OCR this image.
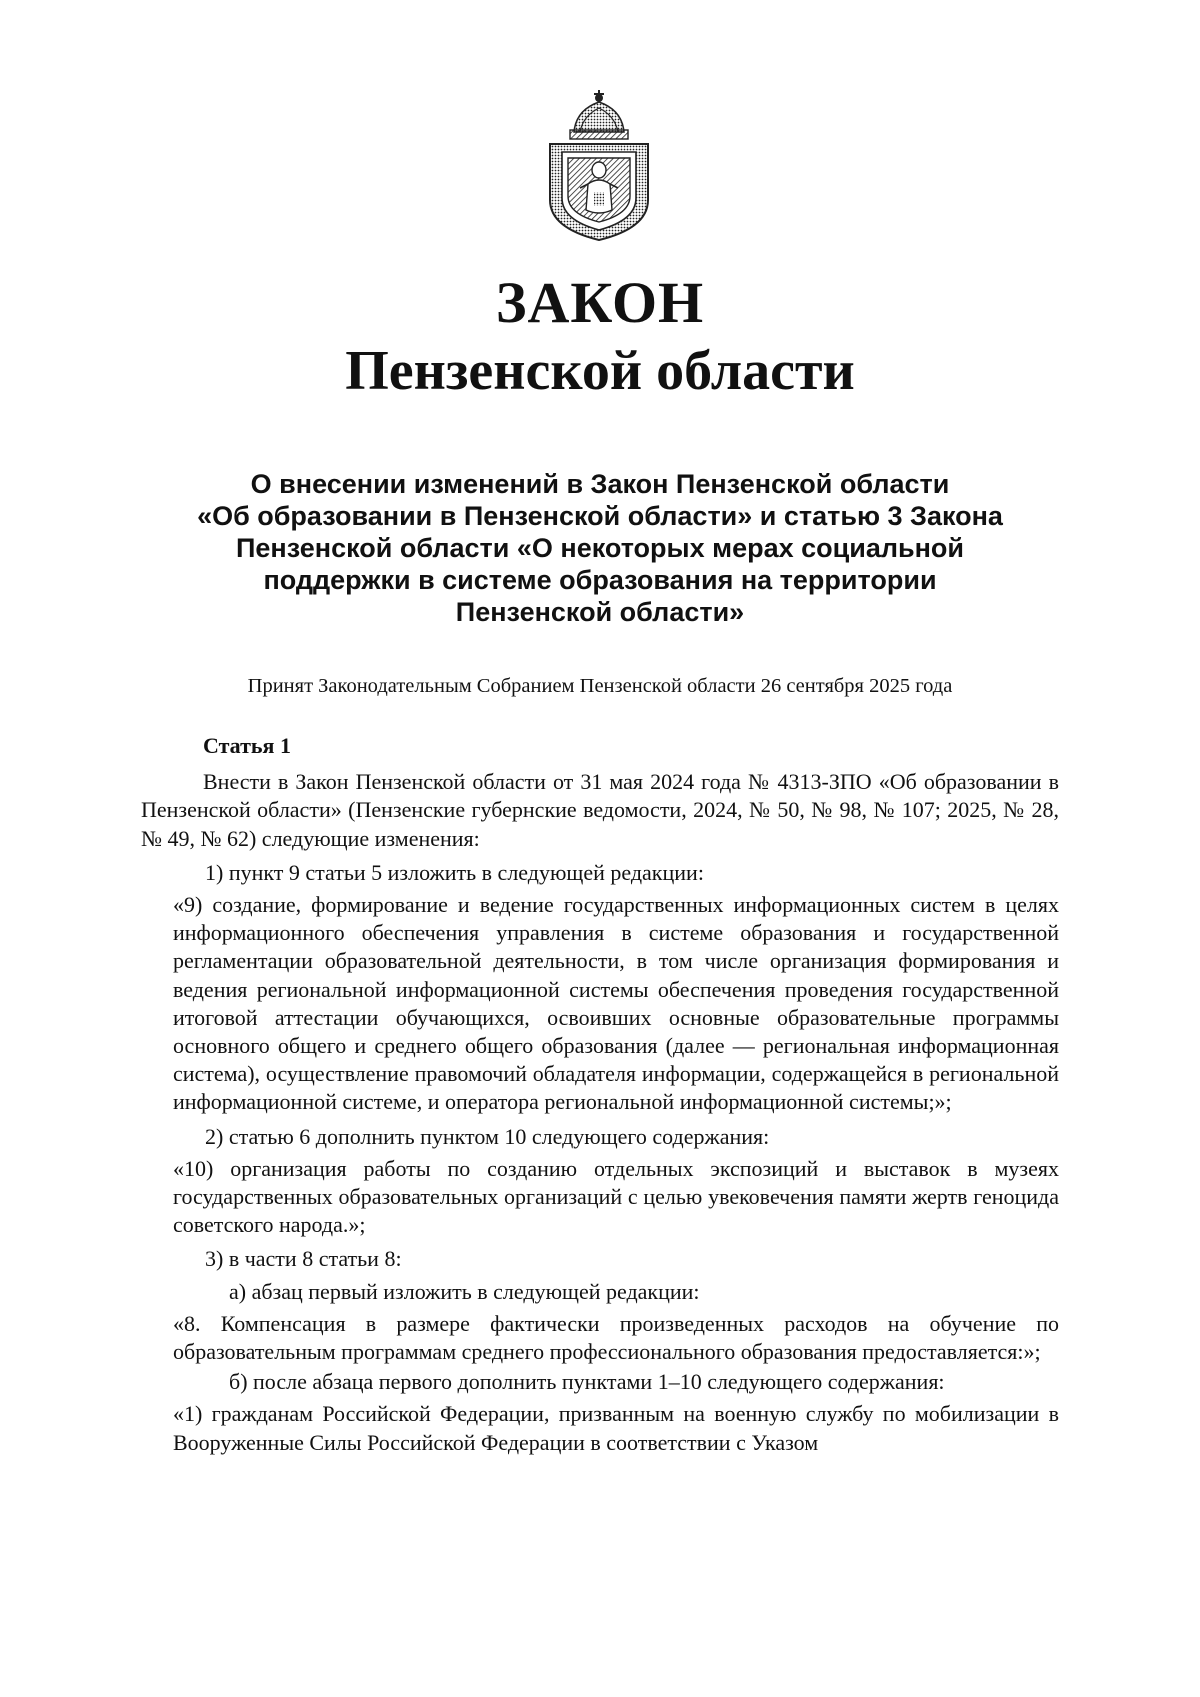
ЗАКОН
Пензенской области
О внесении изменений в Закон Пензенской области
«Об образовании в Пензенской области» и статью 3 Закона
Пензенской области «О некоторых мерах социальной
поддержки в системе образования на территории
Пензенской области»
Принят Законодательным Собранием Пензенской области 26 сентября 2025 года

Статья 1

Внести в Закон Пензенской области от 31 мая 2024 года № 4313-ЗПО «Об образовании в Пензенской области» (Пензенские губернские ведомости, 2024, № 50, № 98, № 107; 2025, № 28, № 49, № 62) следующие изменения:

1) пункт 9 статьи 5 изложить в следующей редакции:

«9) создание, формирование и ведение государственных информационных систем в целях информационного обеспечения управления в системе образования и государственной регламентации образовательной деятельности, в том числе организация формирования и ведения региональной информационной системы обеспечения проведения государственной итоговой аттестации обучающихся, освоивших основные образовательные программы основного общего и среднего общего образования (далее — региональная информационная система), осуществление правомочий обладателя информации, содержащейся в региональной информационной системе, и оператора региональной информационной системы;»;

2) статью 6 дополнить пунктом 10 следующего содержания:

«10) организация работы по созданию отдельных экспозиций и выставок в музеях государственных образовательных организаций с целью увековечения памяти жертв геноцида советского народа.»;

3) в части 8 статьи 8:

а) абзац первый изложить в следующей редакции:

«8. Компенсация в размере фактически произведенных расходов на обучение по образовательным программам среднего профессионального образования предоставляется:»;

б) после абзаца первого дополнить пунктами 1–10 следующего содержания:

«1) гражданам Российской Федерации, призванным на военную службу по мобилизации в Вооруженные Силы Российской Федерации в соответствии с Указом
